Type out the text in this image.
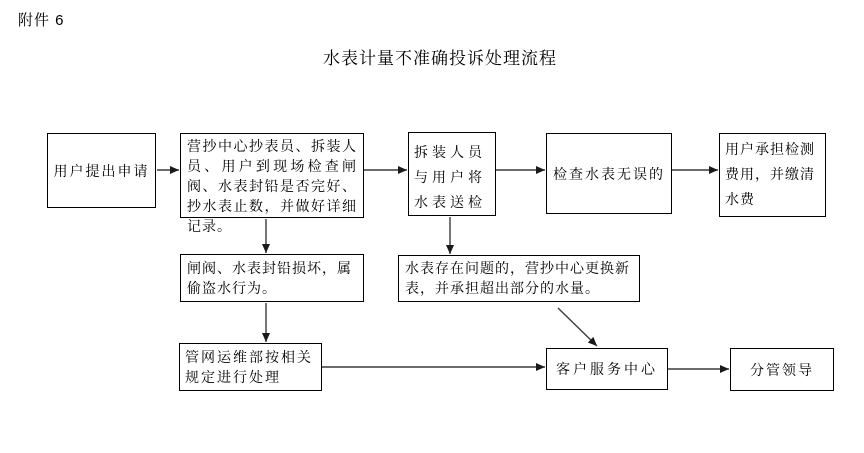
附件 6
水表计量不准确投诉处理流程
用户提出申请
营抄中心抄表员、拆装人员、用户到现场检查闸阀、水表封铅是否完好、抄水表止数，并做好详细记录。
拆装人员与用户将水表送检
检查水表无误的
用户承担检测费用，并缴清水费
闸阀、水表封铅损坏，属偷盗水行为。
水表存在问题的，营抄中心更换新表，并承担超出部分的水量。
管网运维部按相关规定进行处理	客户服务中心	分管领导
